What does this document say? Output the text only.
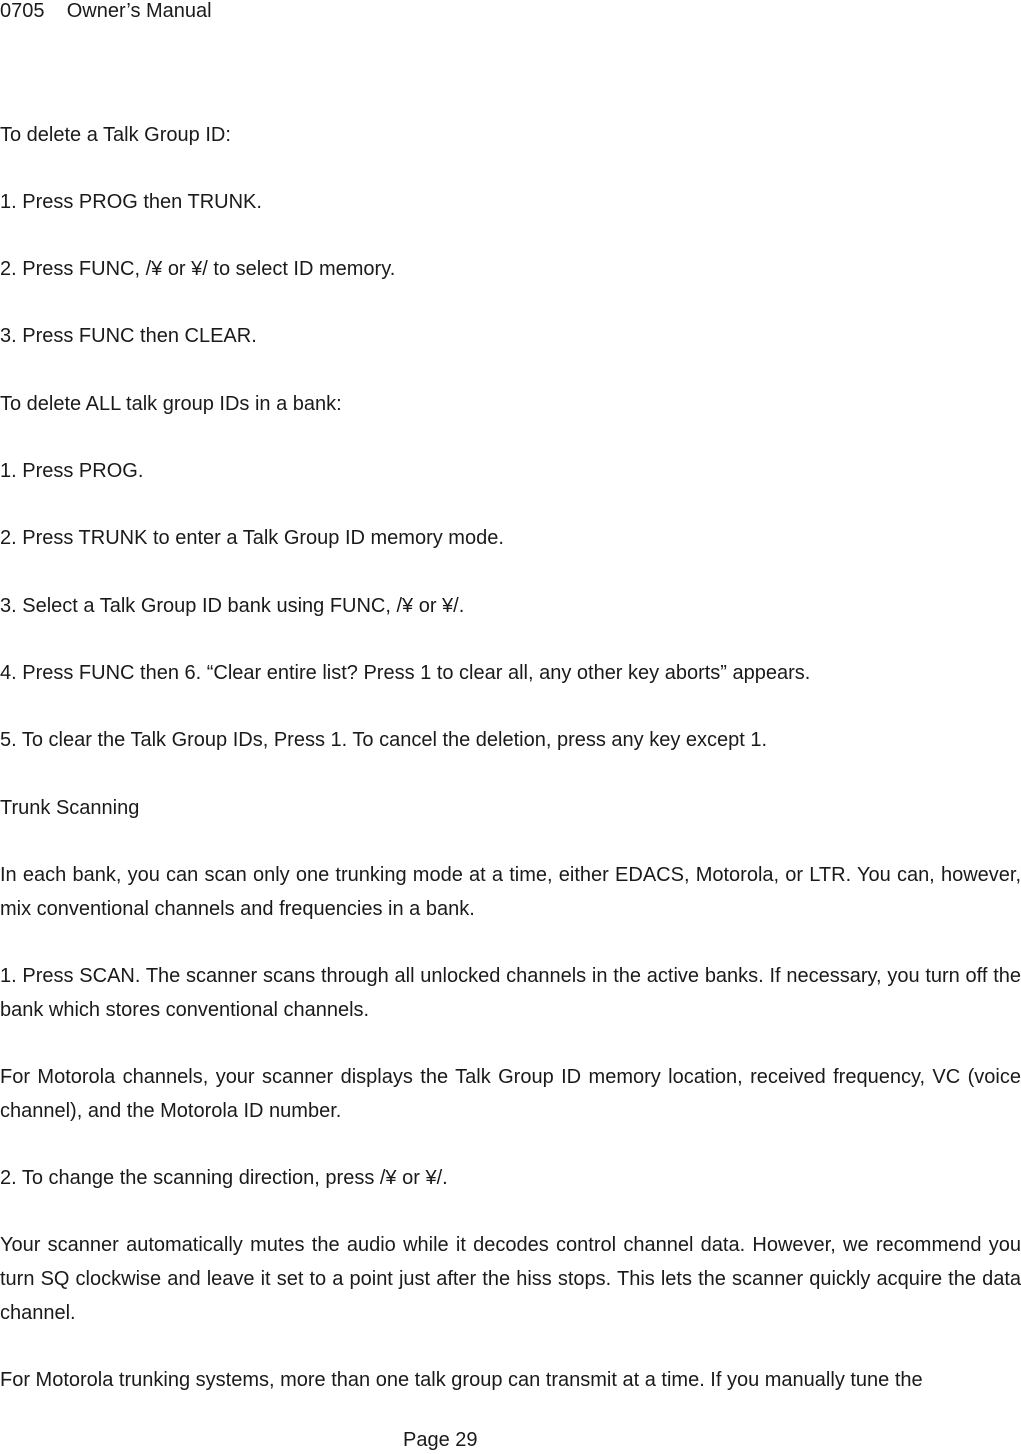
0705 Owner’s Manual

To delete a Talk Group ID:

1. Press PROG then TRUNK.

2. Press FUNC, /¥ or ¥/ to select ID memory.

3. Press FUNC then CLEAR.

To delete ALL talk group IDs in a bank:

1. Press PROG.

2. Press TRUNK to enter a Talk Group ID memory mode.

3. Select a Talk Group ID bank using FUNC, /¥ or ¥/.

4. Press FUNC then 6. “Clear entire list? Press 1 to clear all, any other key aborts” appears.

5. To clear the Talk Group IDs, Press 1. To cancel the deletion, press any key except 1.

Trunk Scanning

In each bank, you can scan only one trunking mode at a time, either EDACS, Motorola, or LTR. You can, however, mix conventional channels and frequencies in a bank.

1. Press SCAN. The scanner scans through all unlocked channels in the active banks. If necessary, you turn off the bank which stores conventional channels.

For Motorola channels, your scanner displays the Talk Group ID memory location, received frequency, VC (voice channel), and the Motorola ID number.

2. To change the scanning direction, press /¥ or ¥/.

Your scanner automatically mutes the audio while it decodes control channel data. However, we recommend you turn SQ clockwise and leave it set to a point just after the hiss stops. This lets the scanner quickly acquire the data channel.

For Motorola trunking systems, more than one talk group can transmit at a time. If you manually tune the

Page 29
